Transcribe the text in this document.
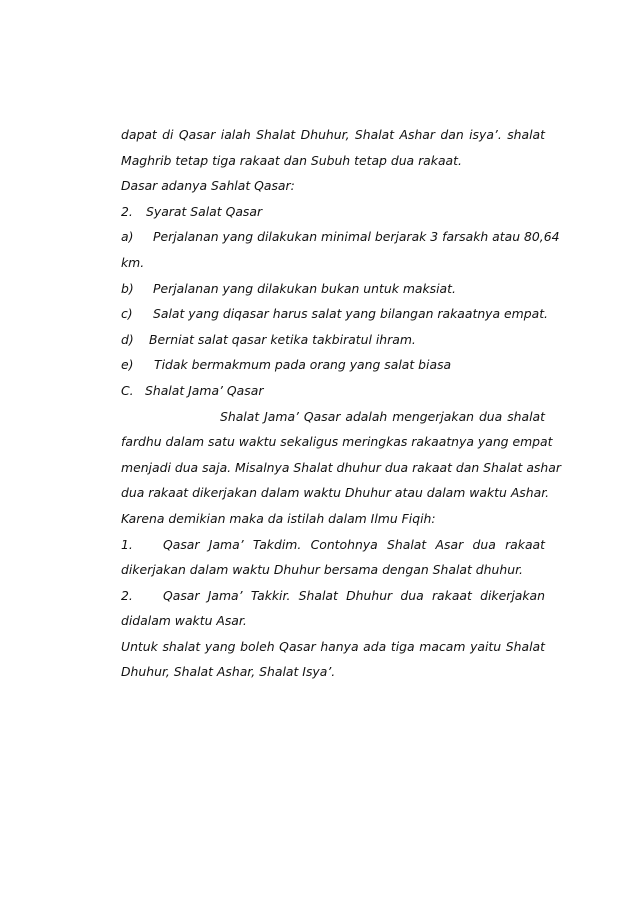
dapat di Qasar ialah Shalat Dhuhur, Shalat Ashar dan isya’. shalat
Maghrib tetap tiga rakaat dan Subuh tetap dua rakaat.
Dasar adanya Sahlat Qasar:
2.	Syarat Salat Qasar
a)	Perjalanan yang dilakukan minimal berjarak 3 farsakh atau 80,64
km.
b)	Perjalanan yang dilakukan bukan untuk maksiat.
c)	Salat yang diqasar harus salat yang bilangan rakaatnya empat.
d)	Berniat salat qasar ketika takbiratul ihram.
e)	Tidak bermakmum pada orang yang salat biasa
C. Shalat Jama’ Qasar
Shalat Jama’ Qasar adalah mengerjakan dua shalat
fardhu dalam satu waktu sekaligus meringkas rakaatnya yang empat
menjadi dua saja. Misalnya Shalat dhuhur dua rakaat dan Shalat ashar
dua rakaat dikerjakan dalam waktu Dhuhur atau dalam waktu Ashar.
Karena demikian maka da istilah dalam Ilmu Fiqih:
1.	Qasar Jama’ Takdim. Contohnya Shalat Asar dua rakaat
dikerjakan dalam waktu Dhuhur bersama dengan Shalat dhuhur.
2.	Qasar Jama’ Takkir. Shalat Dhuhur dua rakaat dikerjakan
didalam waktu Asar.
Untuk shalat yang boleh Qasar hanya ada tiga macam yaitu Shalat
Dhuhur, Shalat Ashar, Shalat Isya’.
